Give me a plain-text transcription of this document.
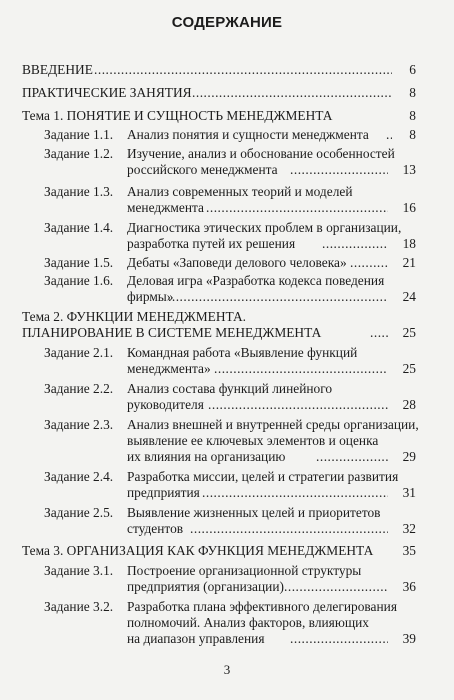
СОДЕРЖАНИЕ
ВВЕДЕНИЕ .....	6
ПРАКТИЧЕСКИЕ ЗАНЯТИЯ .....	8
Тема 1. ПОНЯТИЕ И СУЩНОСТЬ МЕНЕДЖМЕНТА	8
Задание 1.1. Анализ понятия и сущности менеджмента .....	8
Задание 1.2. Изучение, анализ и обоснование особенностей
российского менеджмента .....	13
Задание 1.3. Анализ современных теорий и моделей
менеджмента .....	16
Задание 1.4. Диагностика этических проблем в организации,
разработка путей их решения .....	18
Задание 1.5. Дебаты «Заповеди делового человека» .....	21
Задание 1.6. Деловая игра «Разработка кодекса поведения
фирмы» .....	24
Тема 2. ФУНКЦИИ МЕНЕДЖМЕНТА.
ПЛАНИРОВАНИЕ В СИСТЕМЕ МЕНЕДЖМЕНТА .....	25
Задание 2.1. Командная работа «Выявление функций
менеджмента» .....	25
Задание 2.2. Анализ состава функций линейного
руководителя .....	28
Задание 2.3. Анализ внешней и внутренней среды организации,
выявление ее ключевых элементов и оценка
их влияния на организацию .....	29
Задание 2.4. Разработка миссии, целей и стратегии развития
предприятия .....	31
Задание 2.5. Выявление жизненных целей и приоритетов
студентов .....	32
Тема 3. ОРГАНИЗАЦИЯ КАК ФУНКЦИЯ МЕНЕДЖМЕНТА 35
Задание 3.1. Построение организационной структуры
предприятия (организации) .....	36
Задание 3.2. Разработка плана эффективного делегирования
полномочий. Анализ факторов, влияющих
на диапазон управления .....	39
3
